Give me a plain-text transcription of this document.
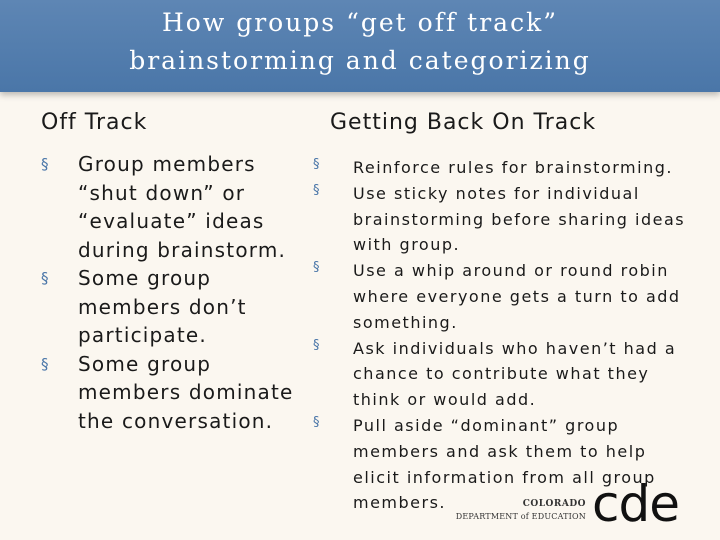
How groups “get off track”
brainstorming and categorizing
Off Track	Getting Back On Track
§ Group members “shut down” or “evaluate” ideas during brainstorm.
§ Some group members don’t participate.
§ Some group members dominate the conversation.
§ Reinforce rules for brainstorming.
§ Use sticky notes for individual brainstorming before sharing ideas with group.
§ Use a whip around or round robin where everyone gets a turn to add something.
§ Ask individuals who haven’t had a chance to contribute what they think or would add.
§ Pull aside “dominant” group members and ask them to help elicit information from all group members.	COLORADO
DEPARTMENT of EDUCATION cde
